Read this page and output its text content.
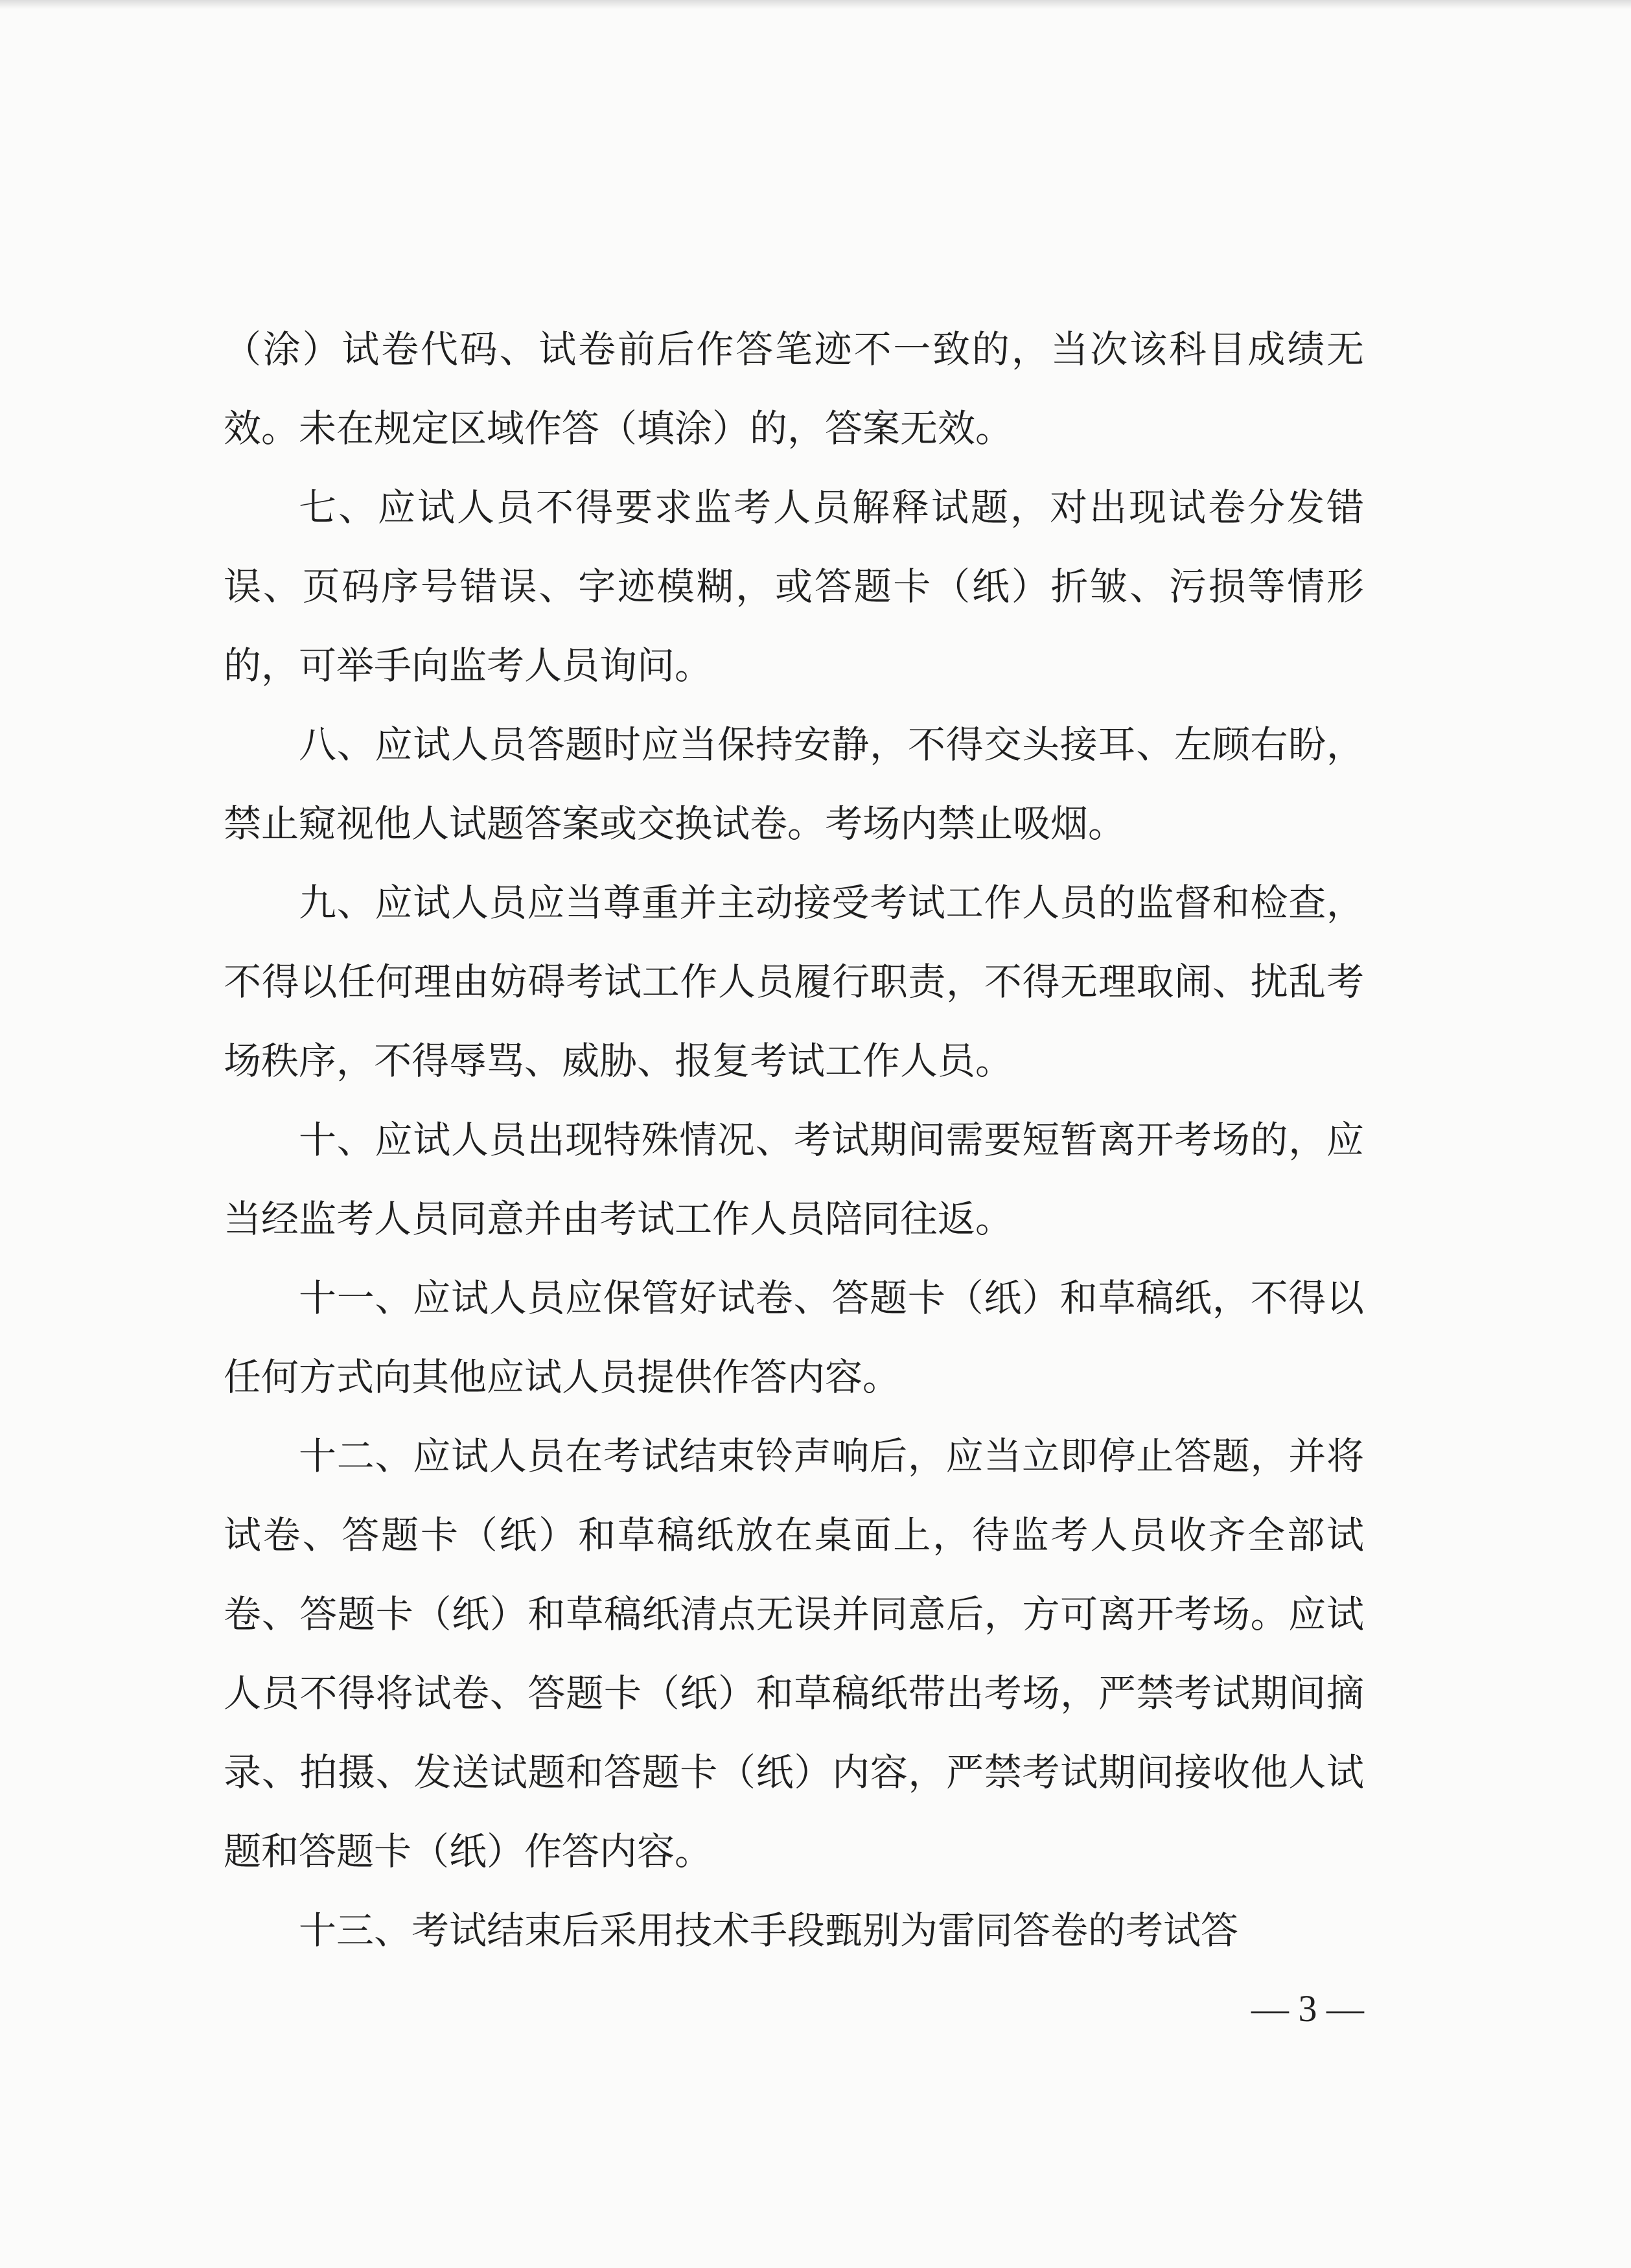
（涂）试卷代码、试卷前后作答笔迹不一致的，当次该科目成绩无效。未在规定区域作答（填涂）的，答案无效。

七、应试人员不得要求监考人员解释试题，对出现试卷分发错误、页码序号错误、字迹模糊，或答题卡（纸）折皱、污损等情形的，可举手向监考人员询问。

八、应试人员答题时应当保持安静，不得交头接耳、左顾右盼，禁止窥视他人试题答案或交换试卷。考场内禁止吸烟。

九、应试人员应当尊重并主动接受考试工作人员的监督和检查，不得以任何理由妨碍考试工作人员履行职责，不得无理取闹、扰乱考场秩序，不得辱骂、威胁、报复考试工作人员。

十、应试人员出现特殊情况、考试期间需要短暂离开考场的，应当经监考人员同意并由考试工作人员陪同往返。

十一、应试人员应保管好试卷、答题卡（纸）和草稿纸，不得以任何方式向其他应试人员提供作答内容。

十二、应试人员在考试结束铃声响后，应当立即停止答题，并将试卷、答题卡（纸）和草稿纸放在桌面上，待监考人员收齐全部试卷、答题卡（纸）和草稿纸清点无误并同意后，方可离开考场。应试人员不得将试卷、答题卡（纸）和草稿纸带出考场，严禁考试期间摘录、拍摄、发送试题和答题卡（纸）内容，严禁考试期间接收他人试题和答题卡（纸）作答内容。

十三、考试结束后采用技术手段甄别为雷同答卷的考试答

— 3 —
